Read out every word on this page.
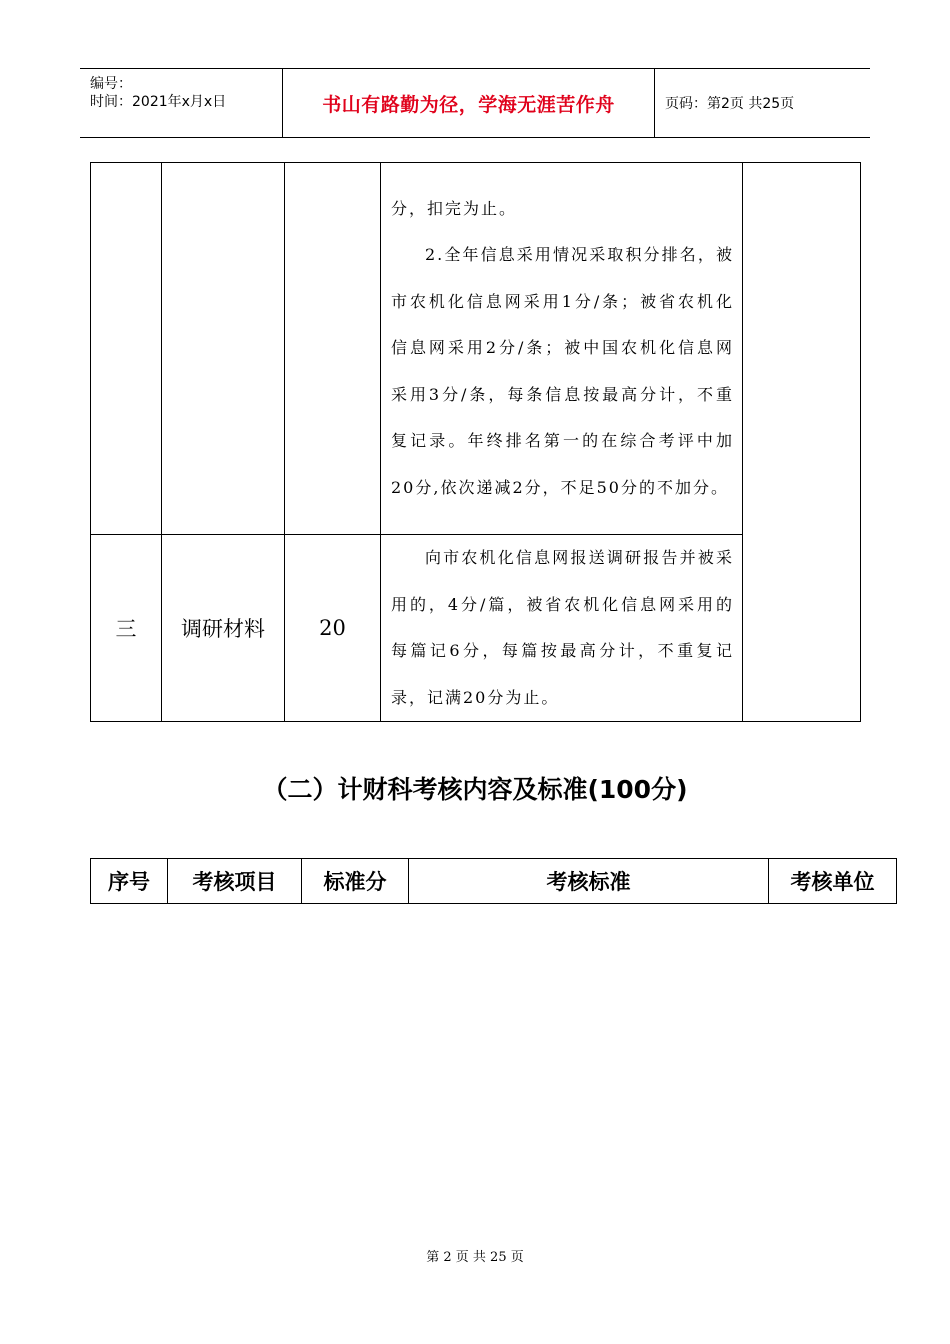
编号：
时间：2021年x月x日	书山有路勤为径，学海无涯苦作舟	页码：第2页 共25页

			分，扣完为止。

2.全年信息采用情况采取积分排名，被市农机化信息网采用1分/条；被省农机化信息网采用2分/条；被中国农机化信息网采用3分/条，每条信息按最高分计，不重复记录。年终排名第一的在综合考评中加20分,依次递减2分，不足50分的不加分。	

三	调研材料	20	向市农机化信息网报送调研报告并被采用的，4分/篇，被省农机化信息网采用的每篇记6分，每篇按最高分计，不重复记录，记满20分为止。	

（二）计财科考核内容及标准(100分)
序号	考核项目	标准分	考核标准	考核单位
第 2 页 共 25 页
